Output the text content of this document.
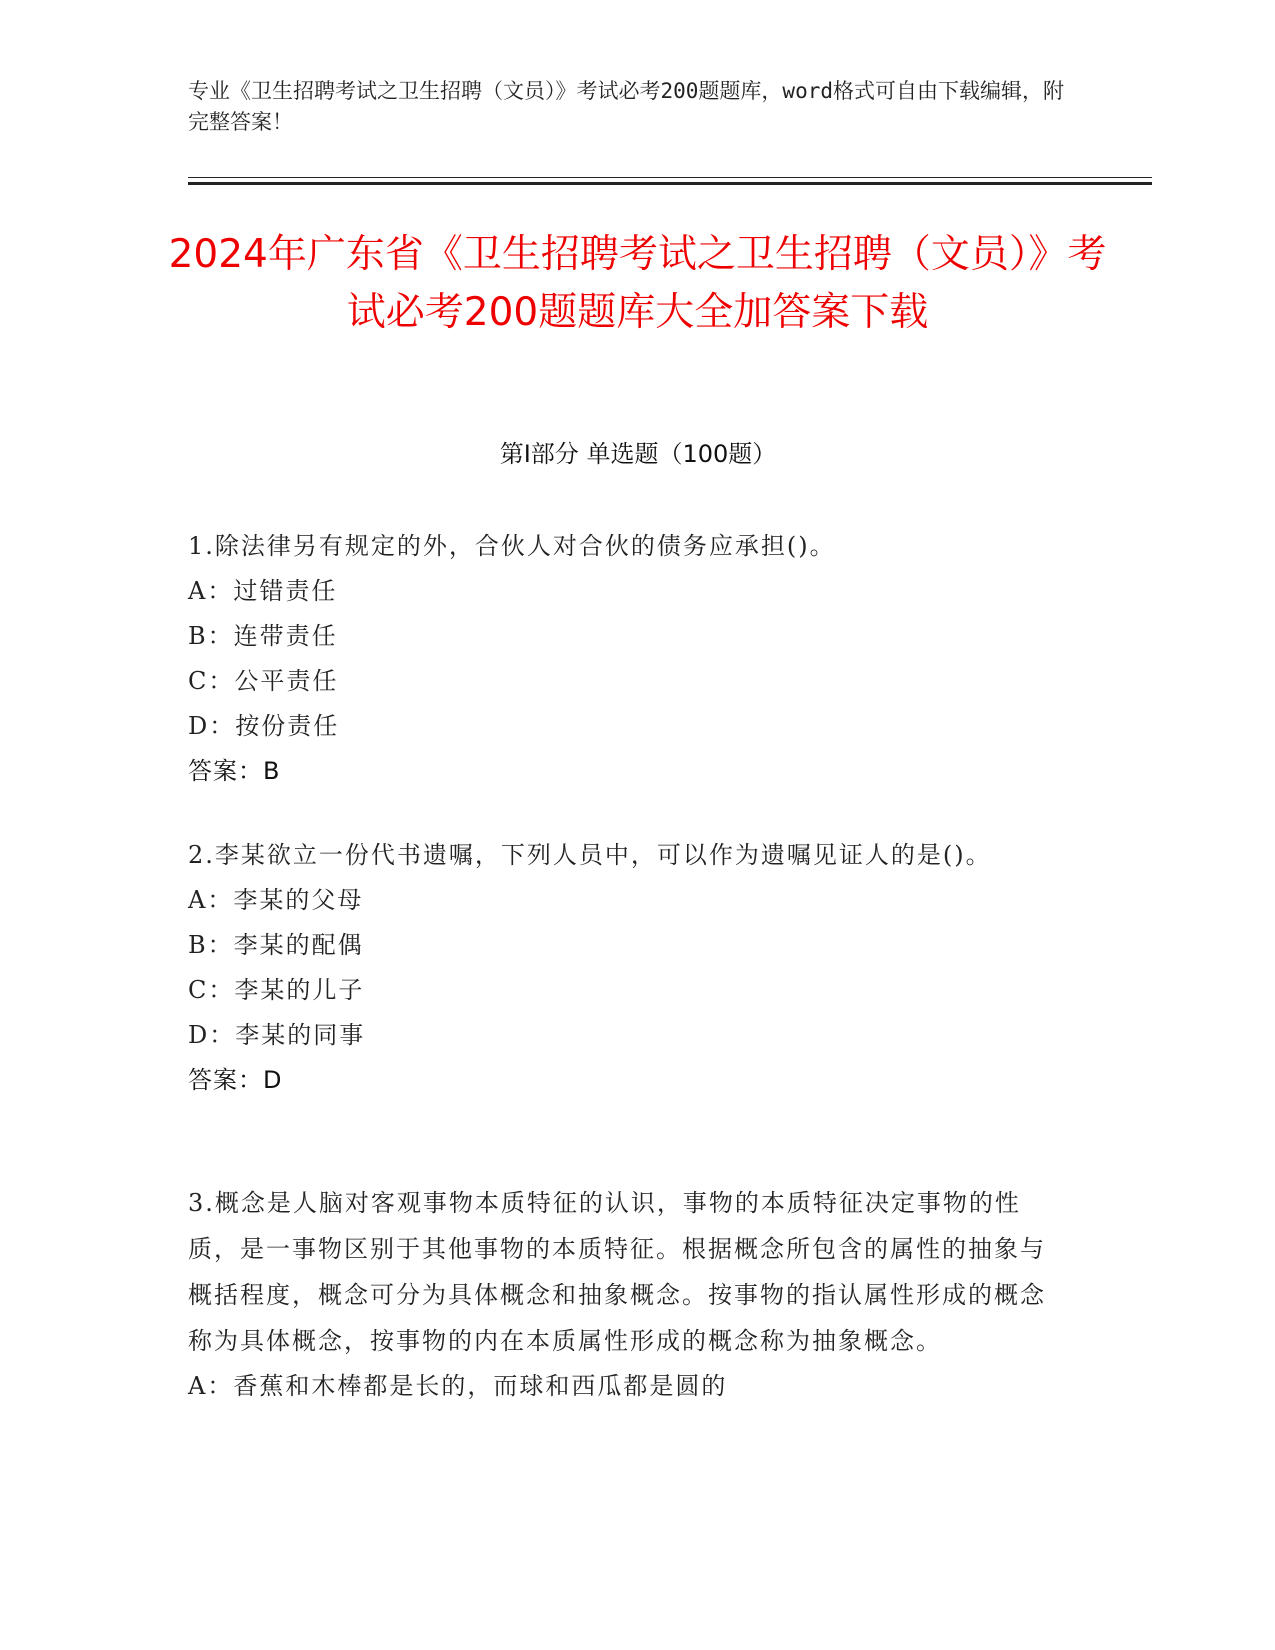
专业《卫生招聘考试之卫生招聘（文员）》考试必考200题题库，word格式可自由下载编辑，附完整答案！
2024年广东省《卫生招聘考试之卫生招聘（文员）》考试必考200题题库大全加答案下载
第I部分 单选题（100题）
1.除法律另有规定的外，合伙人对合伙的债务应承担()。
A：过错责任
B：连带责任
C：公平责任
D：按份责任
答案：B
2.李某欲立一份代书遗嘱，下列人员中，可以作为遗嘱见证人的是()。
A：李某的父母
B：李某的配偶
C：李某的儿子
D：李某的同事
答案：D
3.概念是人脑对客观事物本质特征的认识，事物的本质特征决定事物的性质，是一事物区别于其他事物的本质特征。根据概念所包含的属性的抽象与概括程度，概念可分为具体概念和抽象概念。按事物的指认属性形成的概念称为具体概念，按事物的内在本质属性形成的概念称为抽象概念。
A：香蕉和木棒都是长的，而球和西瓜都是圆的
